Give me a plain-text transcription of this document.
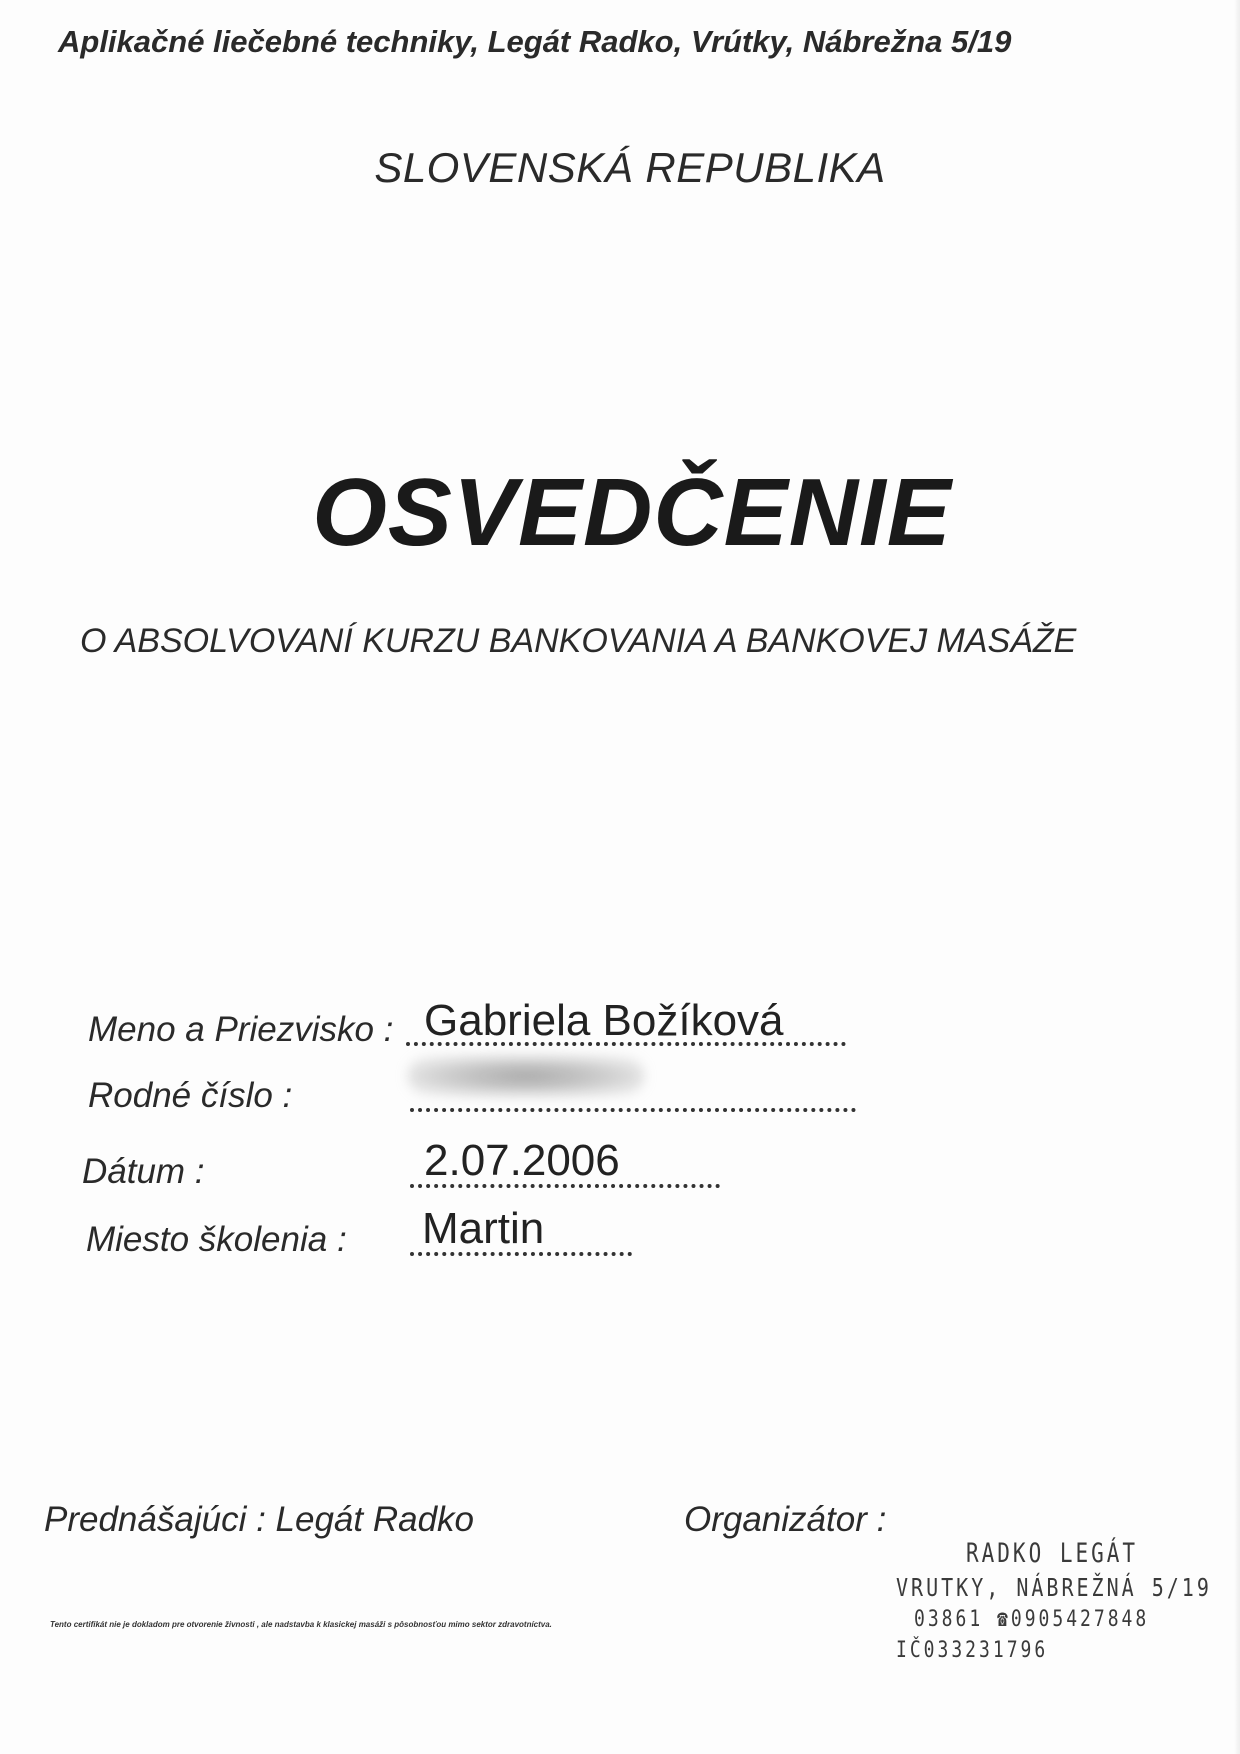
Aplikačné liečebné techniky, Legát Radko, Vrútky, Nábrežna 5/19
SLOVENSKÁ REPUBLIKA
OSVEDČENIE
O ABSOLVOVANÍ KURZU BANKOVANIA A BANKOVEJ MASÁŽE
Meno a Priezvisko : Gabriela Božíková
Rodné číslo :
Dátum :	2.07.2006
Miesto školenia : Martin
Prednášajúci : Legát Radko	Organizátor :
Tento certifikát nie je dokladom pre otvorenie živnosti , ale nadstavba k klasickej masáži s pôsobnosťou mimo sektor zdravotníctva.
RADKO LEGÁT
VRUTKY, NÁBREŽNÁ 5/19
03861 ☎0905427848
IČ033231796
